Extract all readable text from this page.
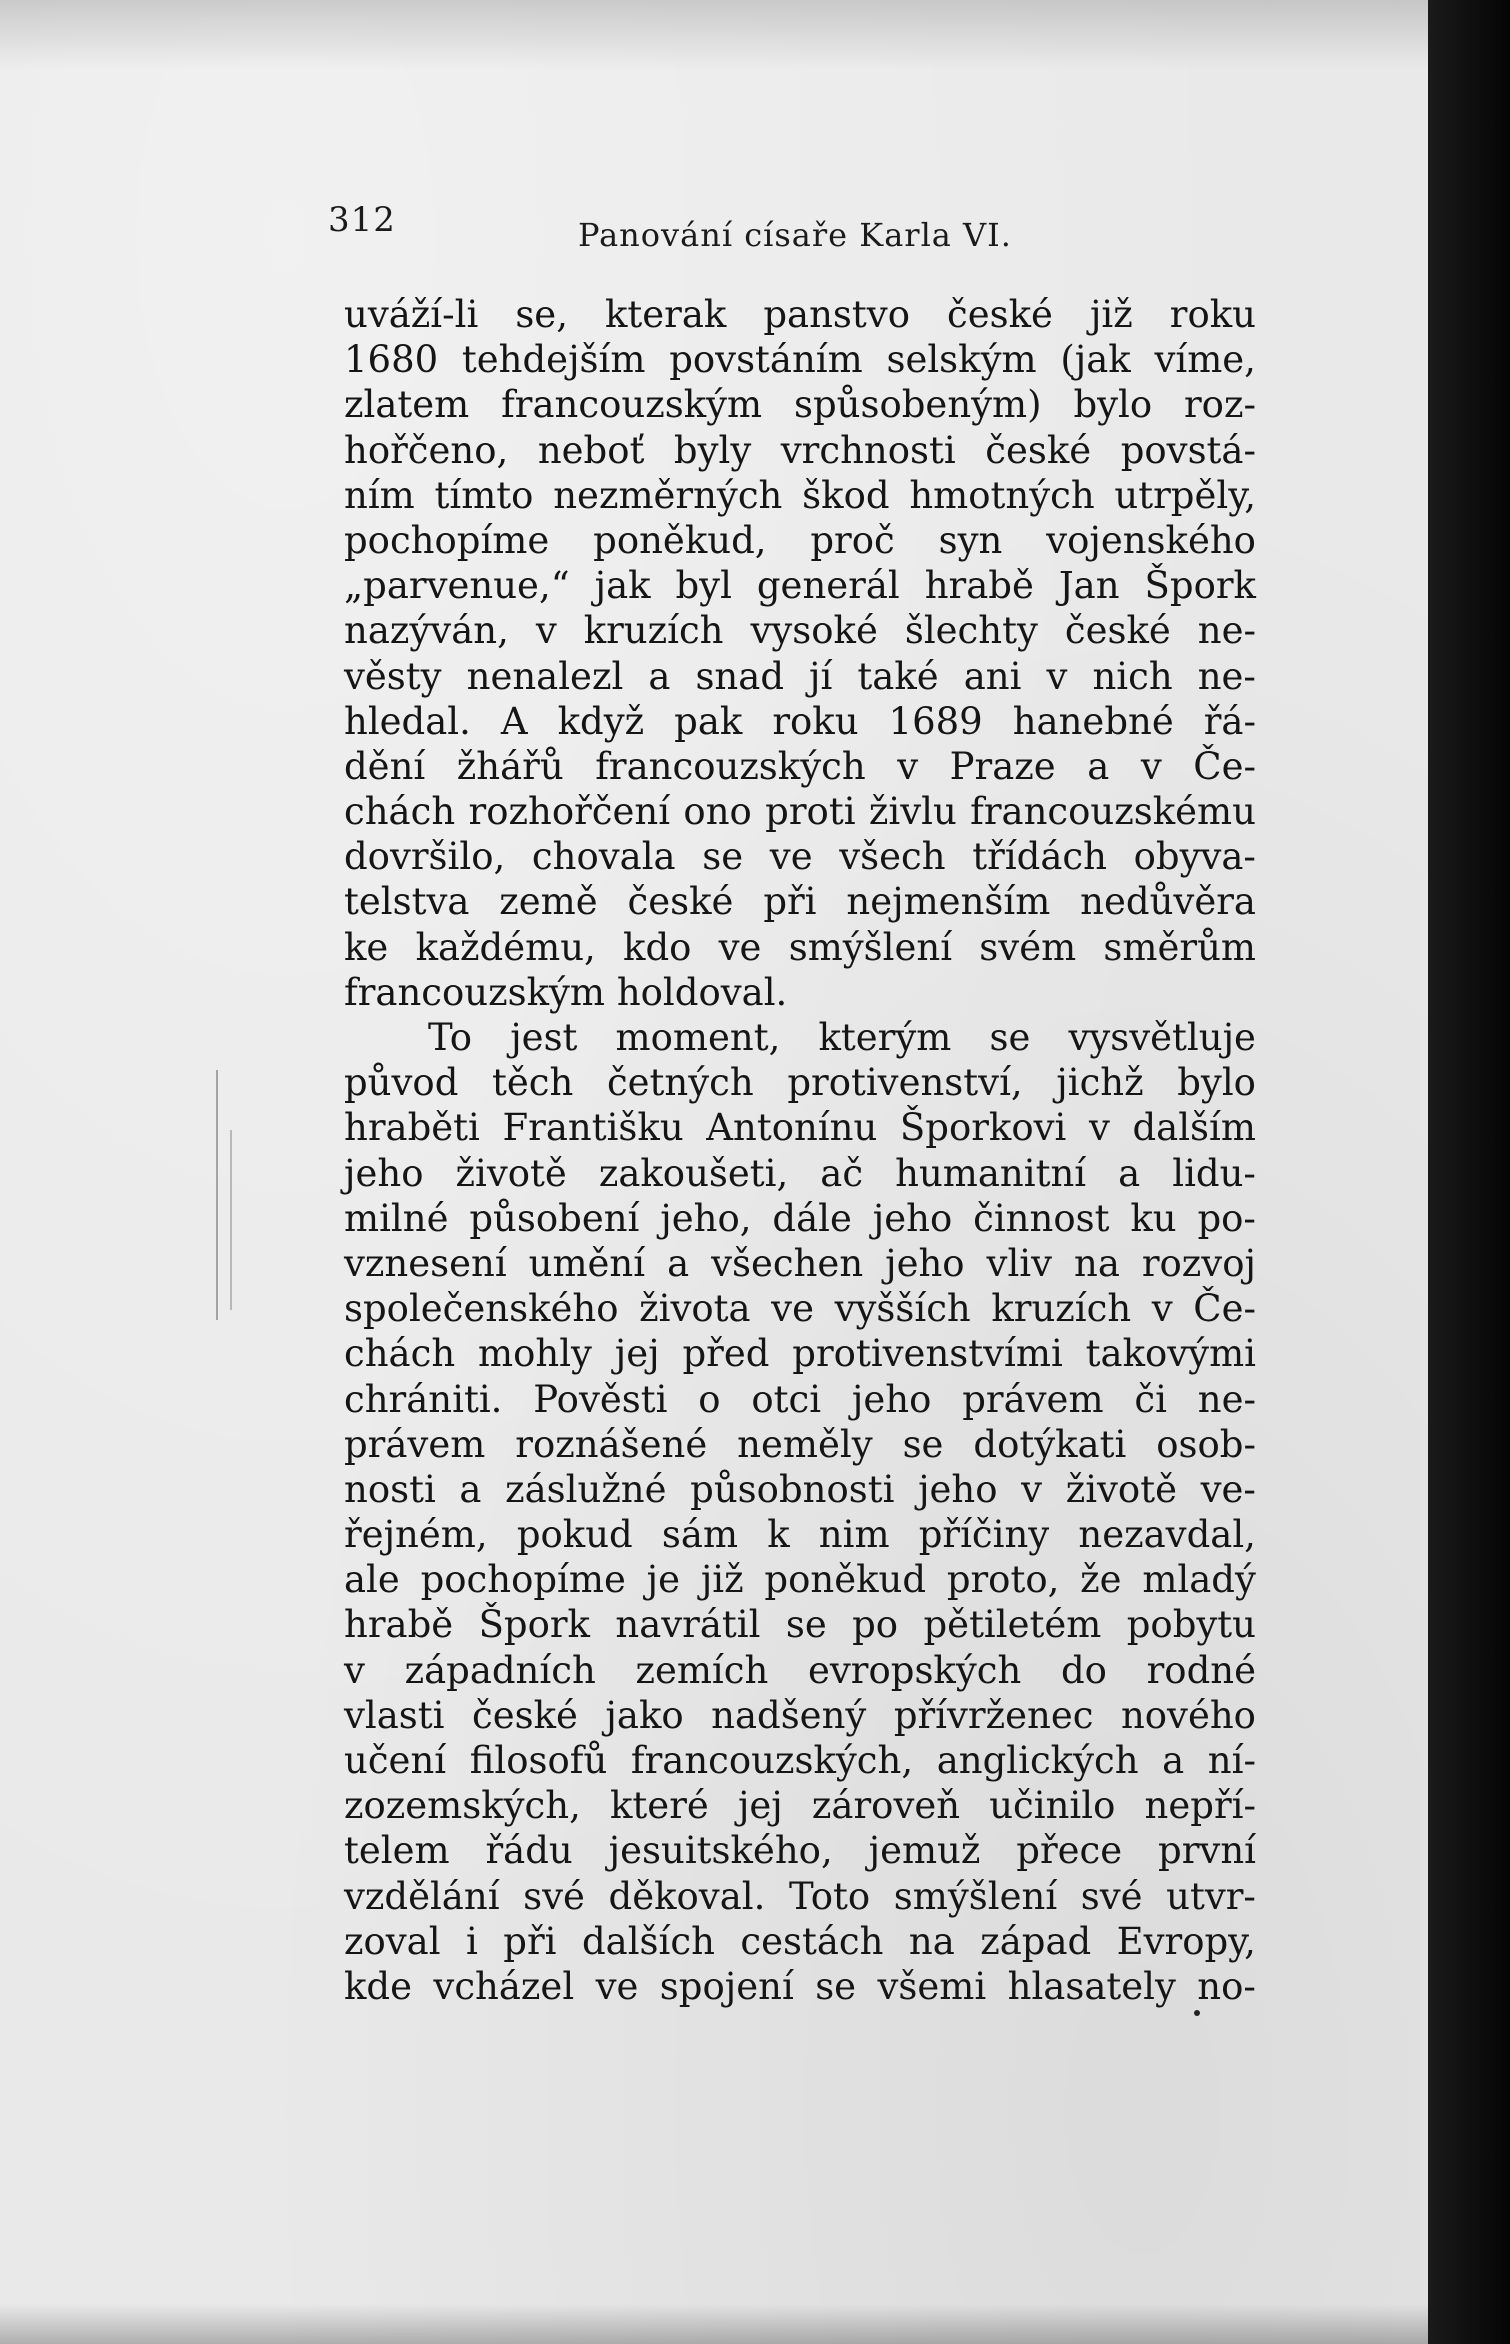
312	Panování císaře Karla VI.
uváží-li se, kterak panstvo české již roku
1680 tehdejším povstáním selským (jak víme,
zlatem francouzským spůsobeným) bylo roz-
hořčeno, neboť byly vrchnosti české povstá-
ním tímto nezměrných škod hmotných utrpěly,
pochopíme poněkud, proč syn vojenského
„parvenue,“ jak byl generál hrabě Jan Špork
nazýván, v kruzích vysoké šlechty české ne-
věsty nenalezl a snad jí také ani v nich ne-
hledal. A když pak roku 1689 hanebné řá-
dění žhářů francouzských v Praze a v Če-
chách rozhořčení ono proti živlu francouzskému
dovršilo, chovala se ve všech třídách obyva-
telstva země české při nejmenším nedůvěra
ke každému, kdo ve smýšlení svém směrům
francouzským holdoval.
To jest moment, kterým se vysvětluje
původ těch četných protivenství, jichž bylo
hraběti Františku Antonínu Šporkovi v dalším
jeho životě zakoušeti, ač humanitní a lidu-
milné působení jeho, dále jeho činnost ku po-
vznesení umění a všechen jeho vliv na rozvoj
společenského života ve vyšších kruzích v Če-
chách mohly jej před protivenstvími takovými
chrániti. Pověsti o otci jeho právem či ne-
právem roznášené neměly se dotýkati osob-
nosti a záslužné působnosti jeho v životě ve-
řejném, pokud sám k nim příčiny nezavdal,
ale pochopíme je již poněkud proto, že mladý
hrabě Špork navrátil se po pětiletém pobytu
v západních zemích evropských do rodné
vlasti české jako nadšený přívrženec nového
učení filosofů francouzských, anglických a ní-
zozemských, které jej zároveň učinilo nepří-
telem řádu jesuitského, jemuž přece první
vzdělání své děkoval. Toto smýšlení své utvr-
zoval i při dalších cestách na západ Evropy,
kde vcházel ve spojení se všemi hlasately no-
